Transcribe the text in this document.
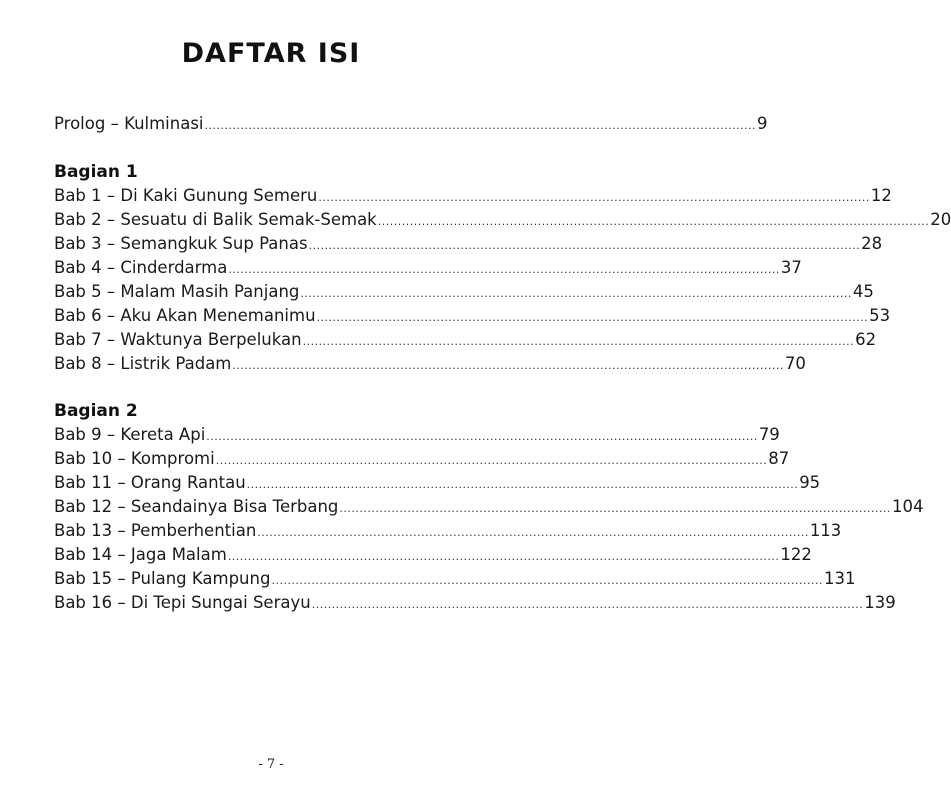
DAFTAR ISI
Prolog – Kulminasi .......................................................................................................................................... 9
Bagian 1
Bab 1 – Di Kaki Gunung Semeru .......................................................................................................................................... 12
Bab 2 – Sesuatu di Balik Semak-Semak .......................................................................................................................................... 20
Bab 3 – Semangkuk Sup Panas .......................................................................................................................................... 28
Bab 4 – Cinderdarma .......................................................................................................................................... 37
Bab 5 – Malam Masih Panjang .......................................................................................................................................... 45
Bab 6 – Aku Akan Menemanimu .......................................................................................................................................... 53
Bab 7 – Waktunya Berpelukan .......................................................................................................................................... 62
Bab 8 – Listrik Padam .......................................................................................................................................... 70
Bagian 2
Bab 9 – Kereta Api .......................................................................................................................................... 79
Bab 10 – Kompromi .......................................................................................................................................... 87
Bab 11 – Orang Rantau .......................................................................................................................................... 95
Bab 12 – Seandainya Bisa Terbang .......................................................................................................................................... 104
Bab 13 – Pemberhentian .......................................................................................................................................... 113
Bab 14 – Jaga Malam .......................................................................................................................................... 122
Bab 15 – Pulang Kampung .......................................................................................................................................... 131
Bab 16 – Di Tepi Sungai Serayu .......................................................................................................................................... 139
- 7 -
